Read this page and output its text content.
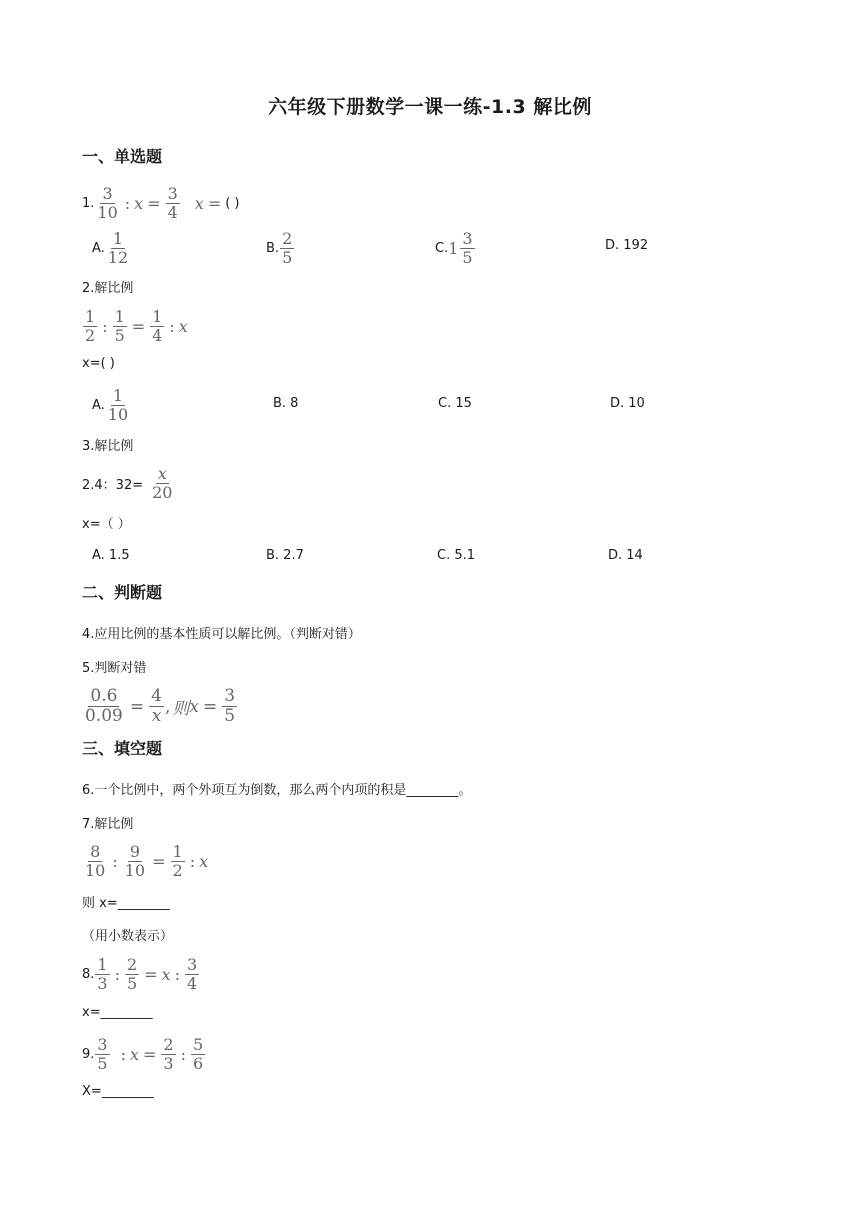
六年级下册数学一课一练-1.3 解比例
一、单选题
1. $\frac{3}{10}$ : $x = \frac{3}{4}$ x = ( )
A. $\frac{1}{12}$	B. $\frac{2}{5}$	C. $1 \frac{3}{5}$	D. 192
2.解比例
$\frac{1}{2}$ : $\frac{1}{5} = \frac{1}{4}$ : x
x=( )
A. $\frac{1}{10}$	B. 8	C. 15	D. 10
3.解比例
2.4：$32= \frac{x}{20}$
x=（ ）
A. 1.5	B. 2.7	C. 5.1	D. 14
二、判断题
4.应用比例的基本性质可以解比例。（判断对错）
5.判断对错
$\frac{0.6}{0.09} = \frac{4}{x}$ , 则 $x = \frac{3}{5}$
三、填空题
6.一个比例中，两个外项互为倒数，那么两个内项的积是________。
7.解比例
$\frac{8}{10}$ : $\frac{9}{10} = \frac{1}{2}$ : x
则 x=________
（用小数表示）
8. $\frac{1}{3}$ : $\frac{2}{5} = x$ : $\frac{3}{4}$
x=________
9. $\frac{3}{5}$ : $x = \frac{2}{3}$ : $\frac{5}{6}$
X=________
